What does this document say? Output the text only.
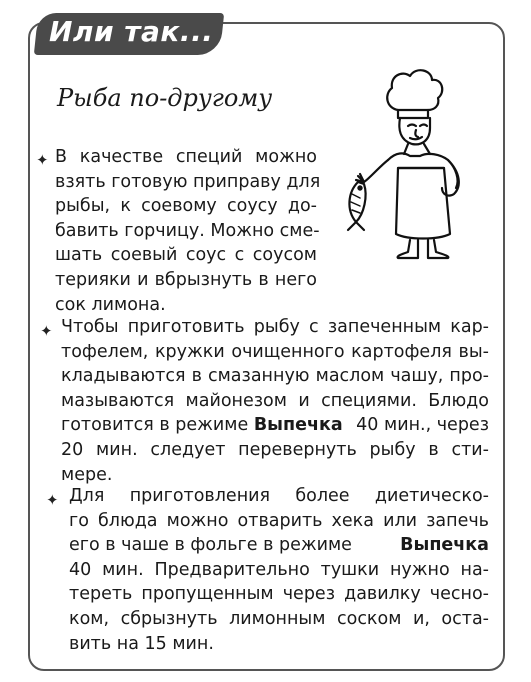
Или так...
Рыба по-другому
✦ В качестве специй можно
взять готовую приправу для
рыбы, к соевому соусу до-
бавить горчицу. Можно сме-
шать соевый соус с соусом
терияки и вбрызнуть в него
сок лимона.
✦ Чтобы приготовить рыбу с запеченным кар-
тофелем, кружки очищенного картофеля вы-
кладываются в смазанную маслом чашу, про-
мазываются майонезом и специями. Блюдо
готовится в режиме Выпечка 40 мин., через
20 мин. следует перевернуть рыбу в сти-
мере.
✦ Для приготовления более диетическо-
го блюда можно отварить хека или запечь
его в чаше в фольге в режиме Выпечка
40 мин. Предварительно тушки нужно на-
тереть пропущенным через давилку чесно-
ком, сбрызнуть лимонным соском и, оста-
вить на 15 мин.
